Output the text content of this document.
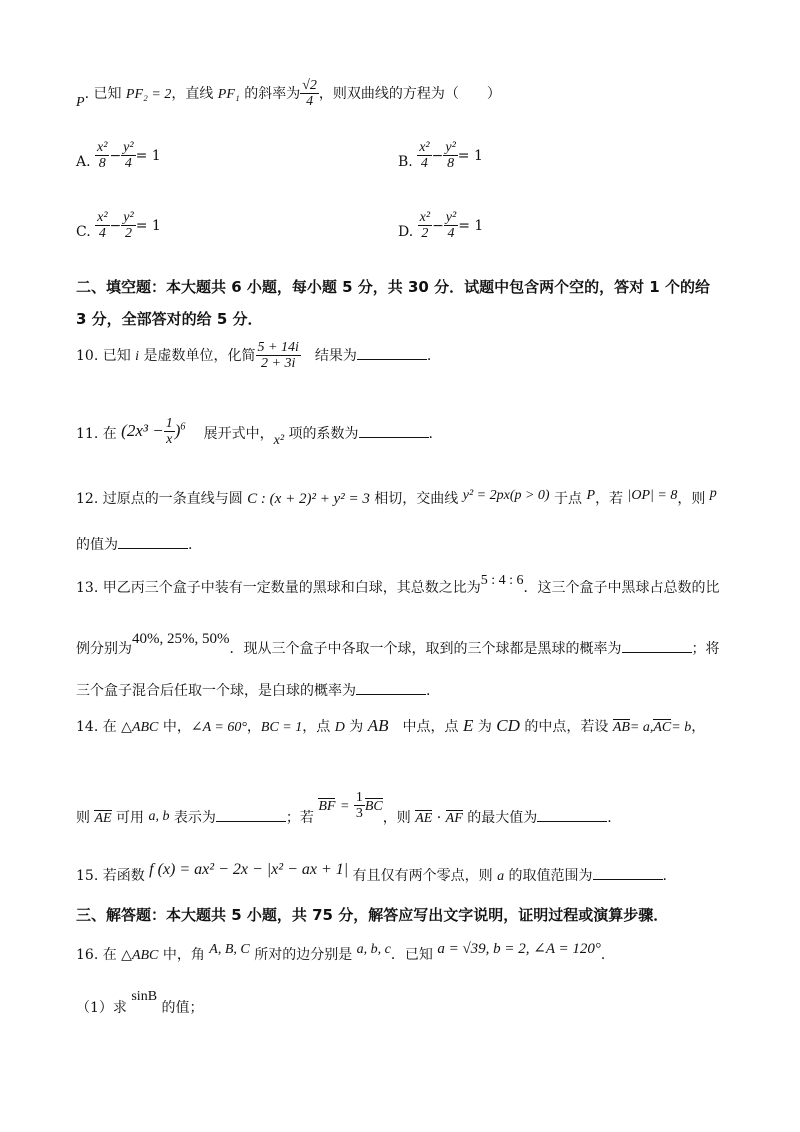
P. 已知 PF₂ = 2，直线 PF₁ 的斜率为 $\frac{√2}{4}$ ，则双曲线的方程为（　　）
A. $\frac{\text{x²}}{8} - \frac{\text{y²}}{4} = 1$	B. $\frac{\text{x²}}{4} - \frac{\text{y²}}{8} = 1$
C. $\frac{\text{x²}}{4} - \frac{\text{y²}}{2} = 1$	D. $\frac{\text{x²}}{2} - \frac{\text{y²}}{4} = 1$
二、填空题：本大题共 6 小题，每小题 5 分，共 30 分．试题中包含两个空的，答对 1 个的给
3 分，全部答对的给 5 分．
10. 已知 i 是虚数单位，化简 $\frac{5 + 14i}{2 + 3i}$ 　结果为	.
11. 在 $(2x^3 - \frac{1}{x} )^6$ 　展开式中，x² 项的系数为	.
12. 过原点的一条直线与圆 C : (x + 2)² + y² = 3 相切，交曲线 y² = 2px(p > 0) 于点 P，若 |OP| = 8，则 p
的值为	.
13. 甲乙丙三个盒子中装有一定数量的黑球和白球，其总数之比为5 : 4 : 6．这三个盒子中黑球占总数的比
例分别为40%, 25%, 50%．现从三个盒子中各取一个球，取到的三个球都是黑球的概率为	；将
三个盒子混合后任取一个球，是白球的概率为	.
14. 在 △ABC 中，∠A = 60°，BC = 1，点 D 为 AB　中点，点 E 为 CD 的中点，若设 AB= a,AC= b，
则 AE 可用 a, b 表示为	；若 BF = $\frac{1}{3}$ BC，则 AE · AF 的最大值为	.
15. 若函数 f (x) = ax² − 2x − |x² − ax + 1| 有且仅有两个零点，则 a 的取值范围为	.
三、解答题：本大题共 5 小题，共 75 分，解答应写出文字说明，证明过程或演算步骤．
16. 在 △ABC 中，角 A, B, C 所对的边分别是 a, b, c．已知 a = √39, b = 2, ∠A = 120°．
（1）求 sinB 的值；
